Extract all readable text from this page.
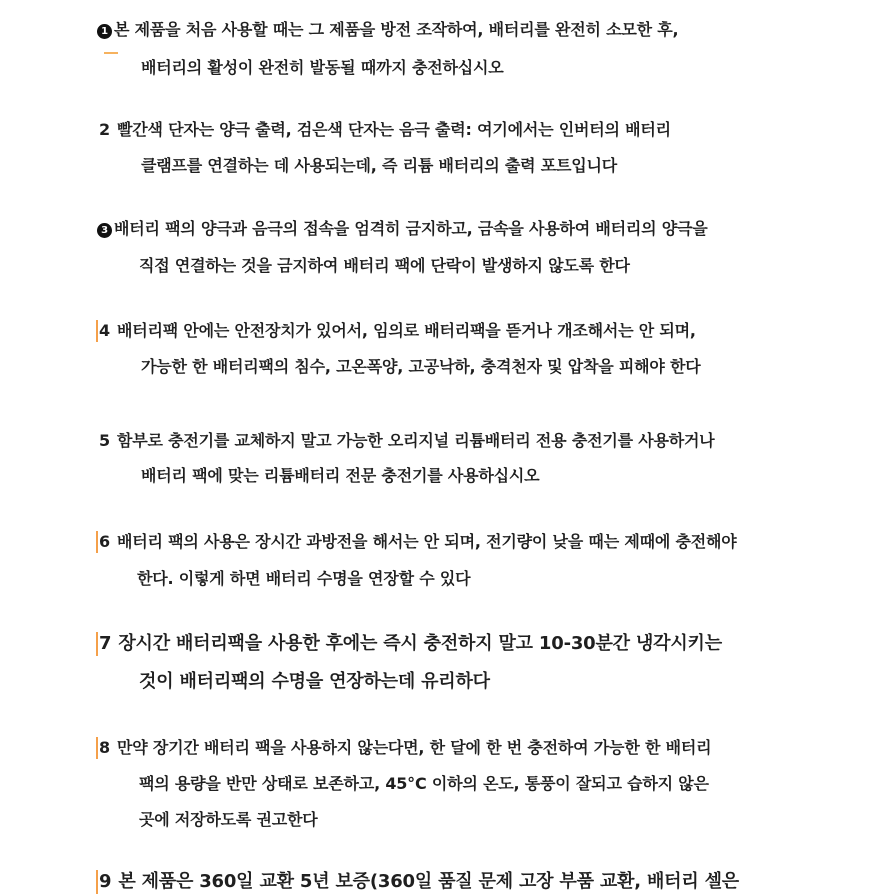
1 본 제품을 처음 사용할 때는 그 제품을 방전 조작하여, 배터리를 완전히 소모한 후,
배터리의 활성이 완전히 발동될 때까지 충전하십시오
2 빨간색 단자는 양극 출력, 검은색 단자는 음극 출력: 여기에서는 인버터의 배터리
클램프를 연결하는 데 사용되는데, 즉 리튬 배터리의 출력 포트입니다
3 배터리 팩의 양극과 음극의 접속을 엄격히 금지하고, 금속을 사용하여 배터리의 양극을
직접 연결하는 것을 금지하여 배터리 팩에 단락이 발생하지 않도록 한다
4 배터리팩 안에는 안전장치가 있어서, 임의로 배터리팩을 뜯거나 개조해서는 안 되며,
가능한 한 배터리팩의 침수, 고온폭양, 고공낙하, 충격천자 및 압착을 피해야 한다
5 함부로 충전기를 교체하지 말고 가능한 오리지널 리튬배터리 전용 충전기를 사용하거나
배터리 팩에 맞는 리튬배터리 전문 충전기를 사용하십시오
6 배터리 팩의 사용은 장시간 과방전을 해서는 안 되며, 전기량이 낮을 때는 제때에 충전해야
한다. 이렇게 하면 배터리 수명을 연장할 수 있다
7 장시간 배터리팩을 사용한 후에는 즉시 충전하지 말고 10-30분간 냉각시키는
것이 배터리팩의 수명을 연장하는데 유리하다
8 만약 장기간 배터리 팩을 사용하지 않는다면, 한 달에 한 번 충전하여 가능한 한 배터리
팩의 용량을 반만 상태로 보존하고, 45°C 이하의 온도, 통풍이 잘되고 습하지 않은
곳에 저장하도록 권고한다
9 본 제품은 360일 교환 5년 보증(360일 품질 문제 고장 부품 교환, 배터리 셀은
